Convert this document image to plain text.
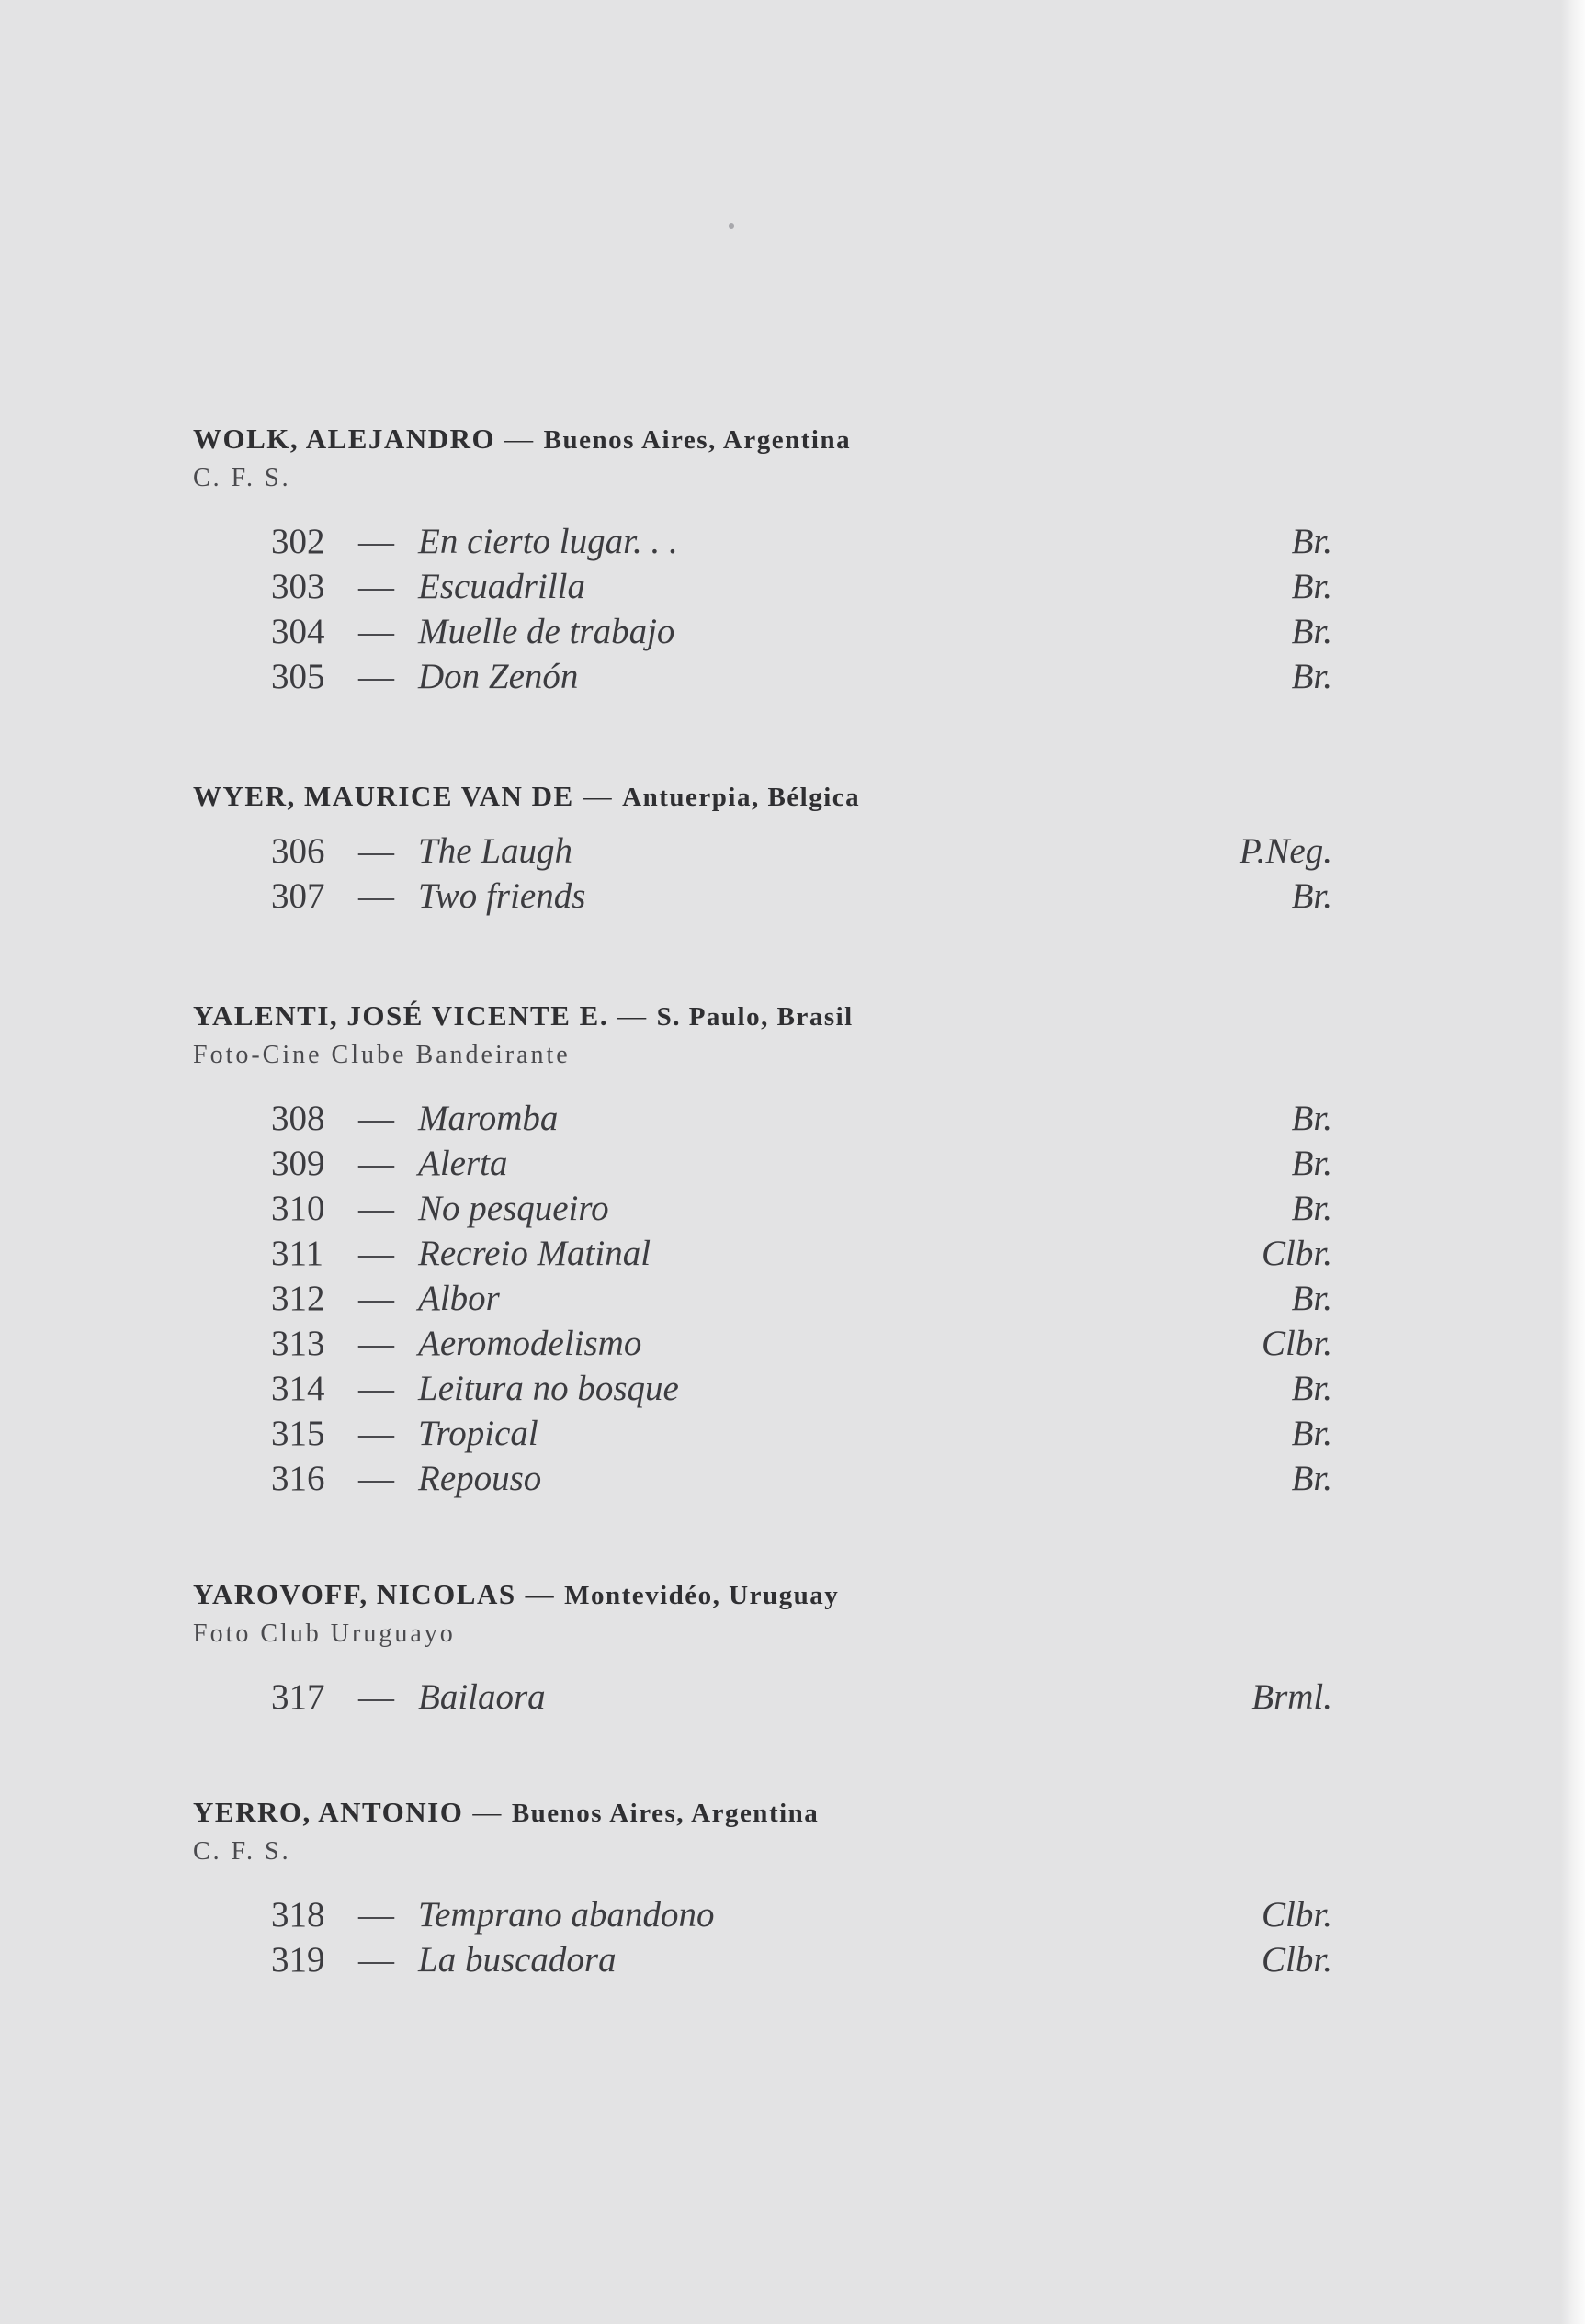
WOLK, ALEJANDRO — Buenos Aires, Argentina
C. F. S.
302 — En cierto lugar. . .	Br.
303 — Escuadrilla	Br.
304 — Muelle de trabajo	Br.
305 — Don Zenón	Br.
WYER, MAURICE VAN DE — Antuerpia, Bélgica
306 — The Laugh	P.Neg.
307 — Two friends	Br.
YALENTI, JOSÉ VICENTE E. — S. Paulo, Brasil
Foto-Cine Clube Bandeirante
308 — Maromba	Br.
309 — Alerta	Br.
310 — No pesqueiro	Br.
311 — Recreio Matinal	Clbr.
312 — Albor	Br.
313 — Aeromodelismo	Clbr.
314 — Leitura no bosque	Br.
315 — Tropical	Br.
316 — Repouso	Br.
YAROVOFF, NICOLAS — Montevidéo, Uruguay
Foto Club Uruguayo
317 — Bailaora	Brml.
YERRO, ANTONIO — Buenos Aires, Argentina
C. F. S.
318 — Temprano abandono	Clbr.
319 — La buscadora	Clbr.
